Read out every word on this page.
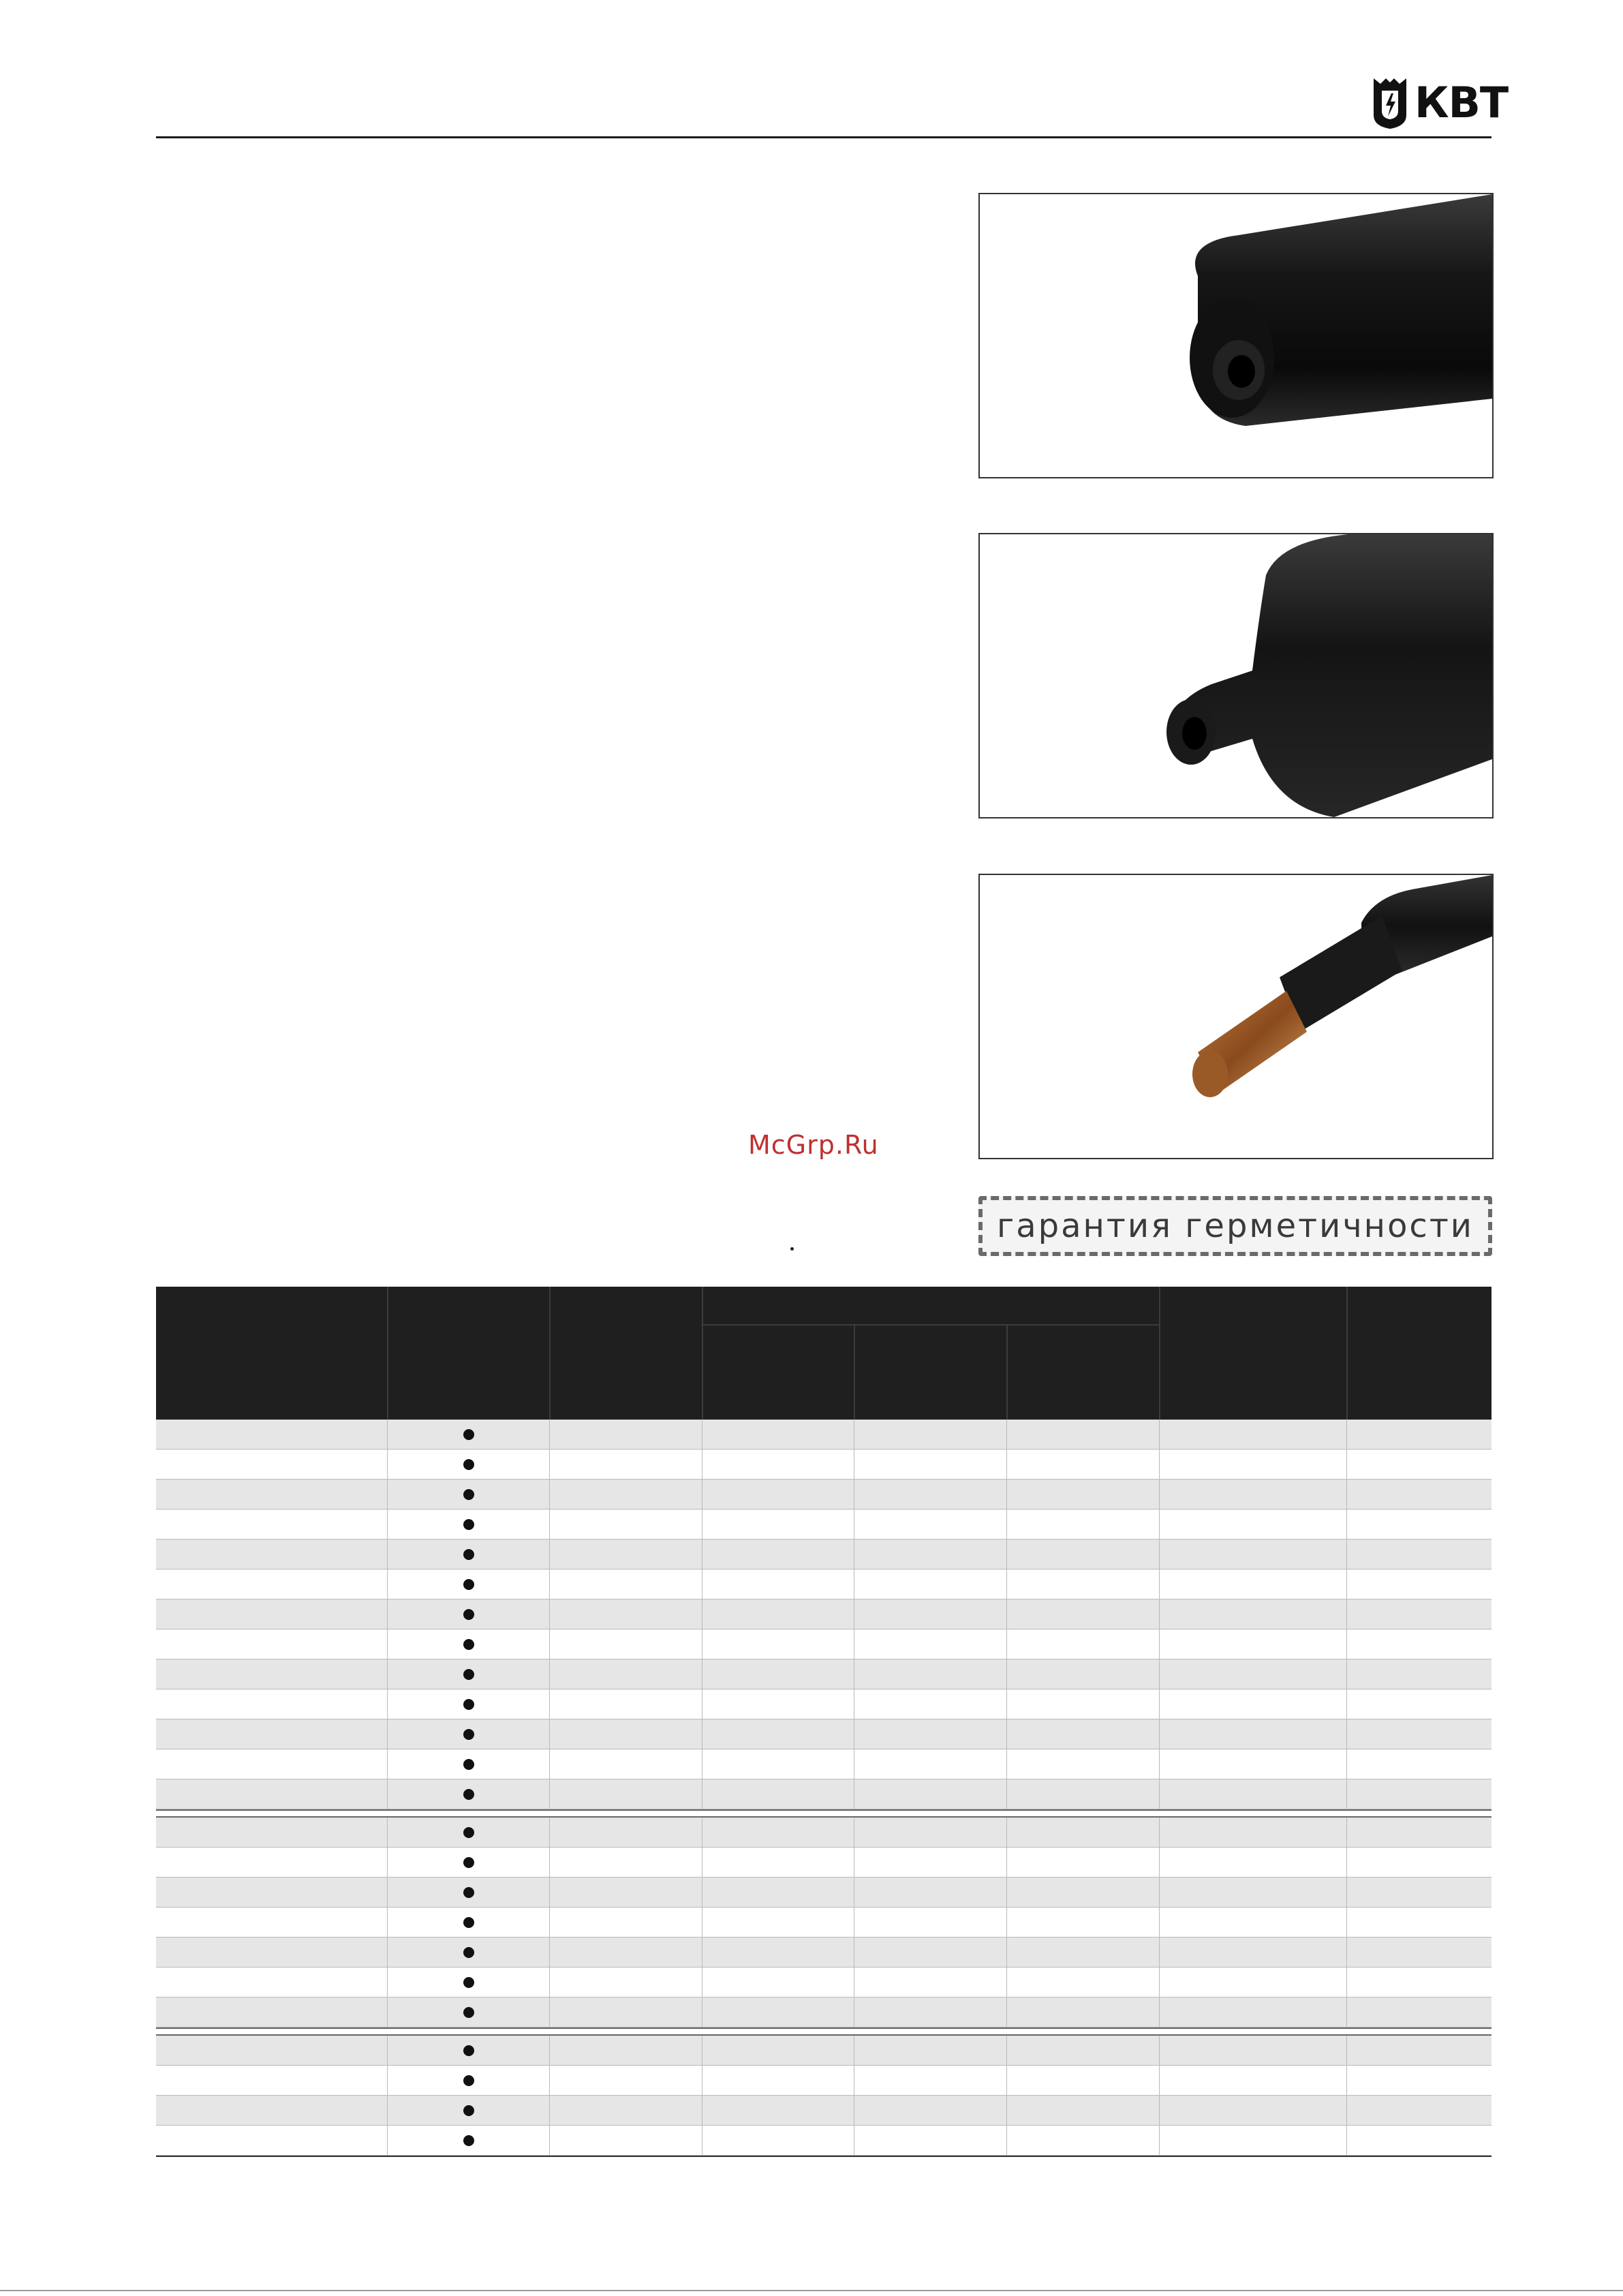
КВТ
McGrp.Ru
гарантия герметичности
